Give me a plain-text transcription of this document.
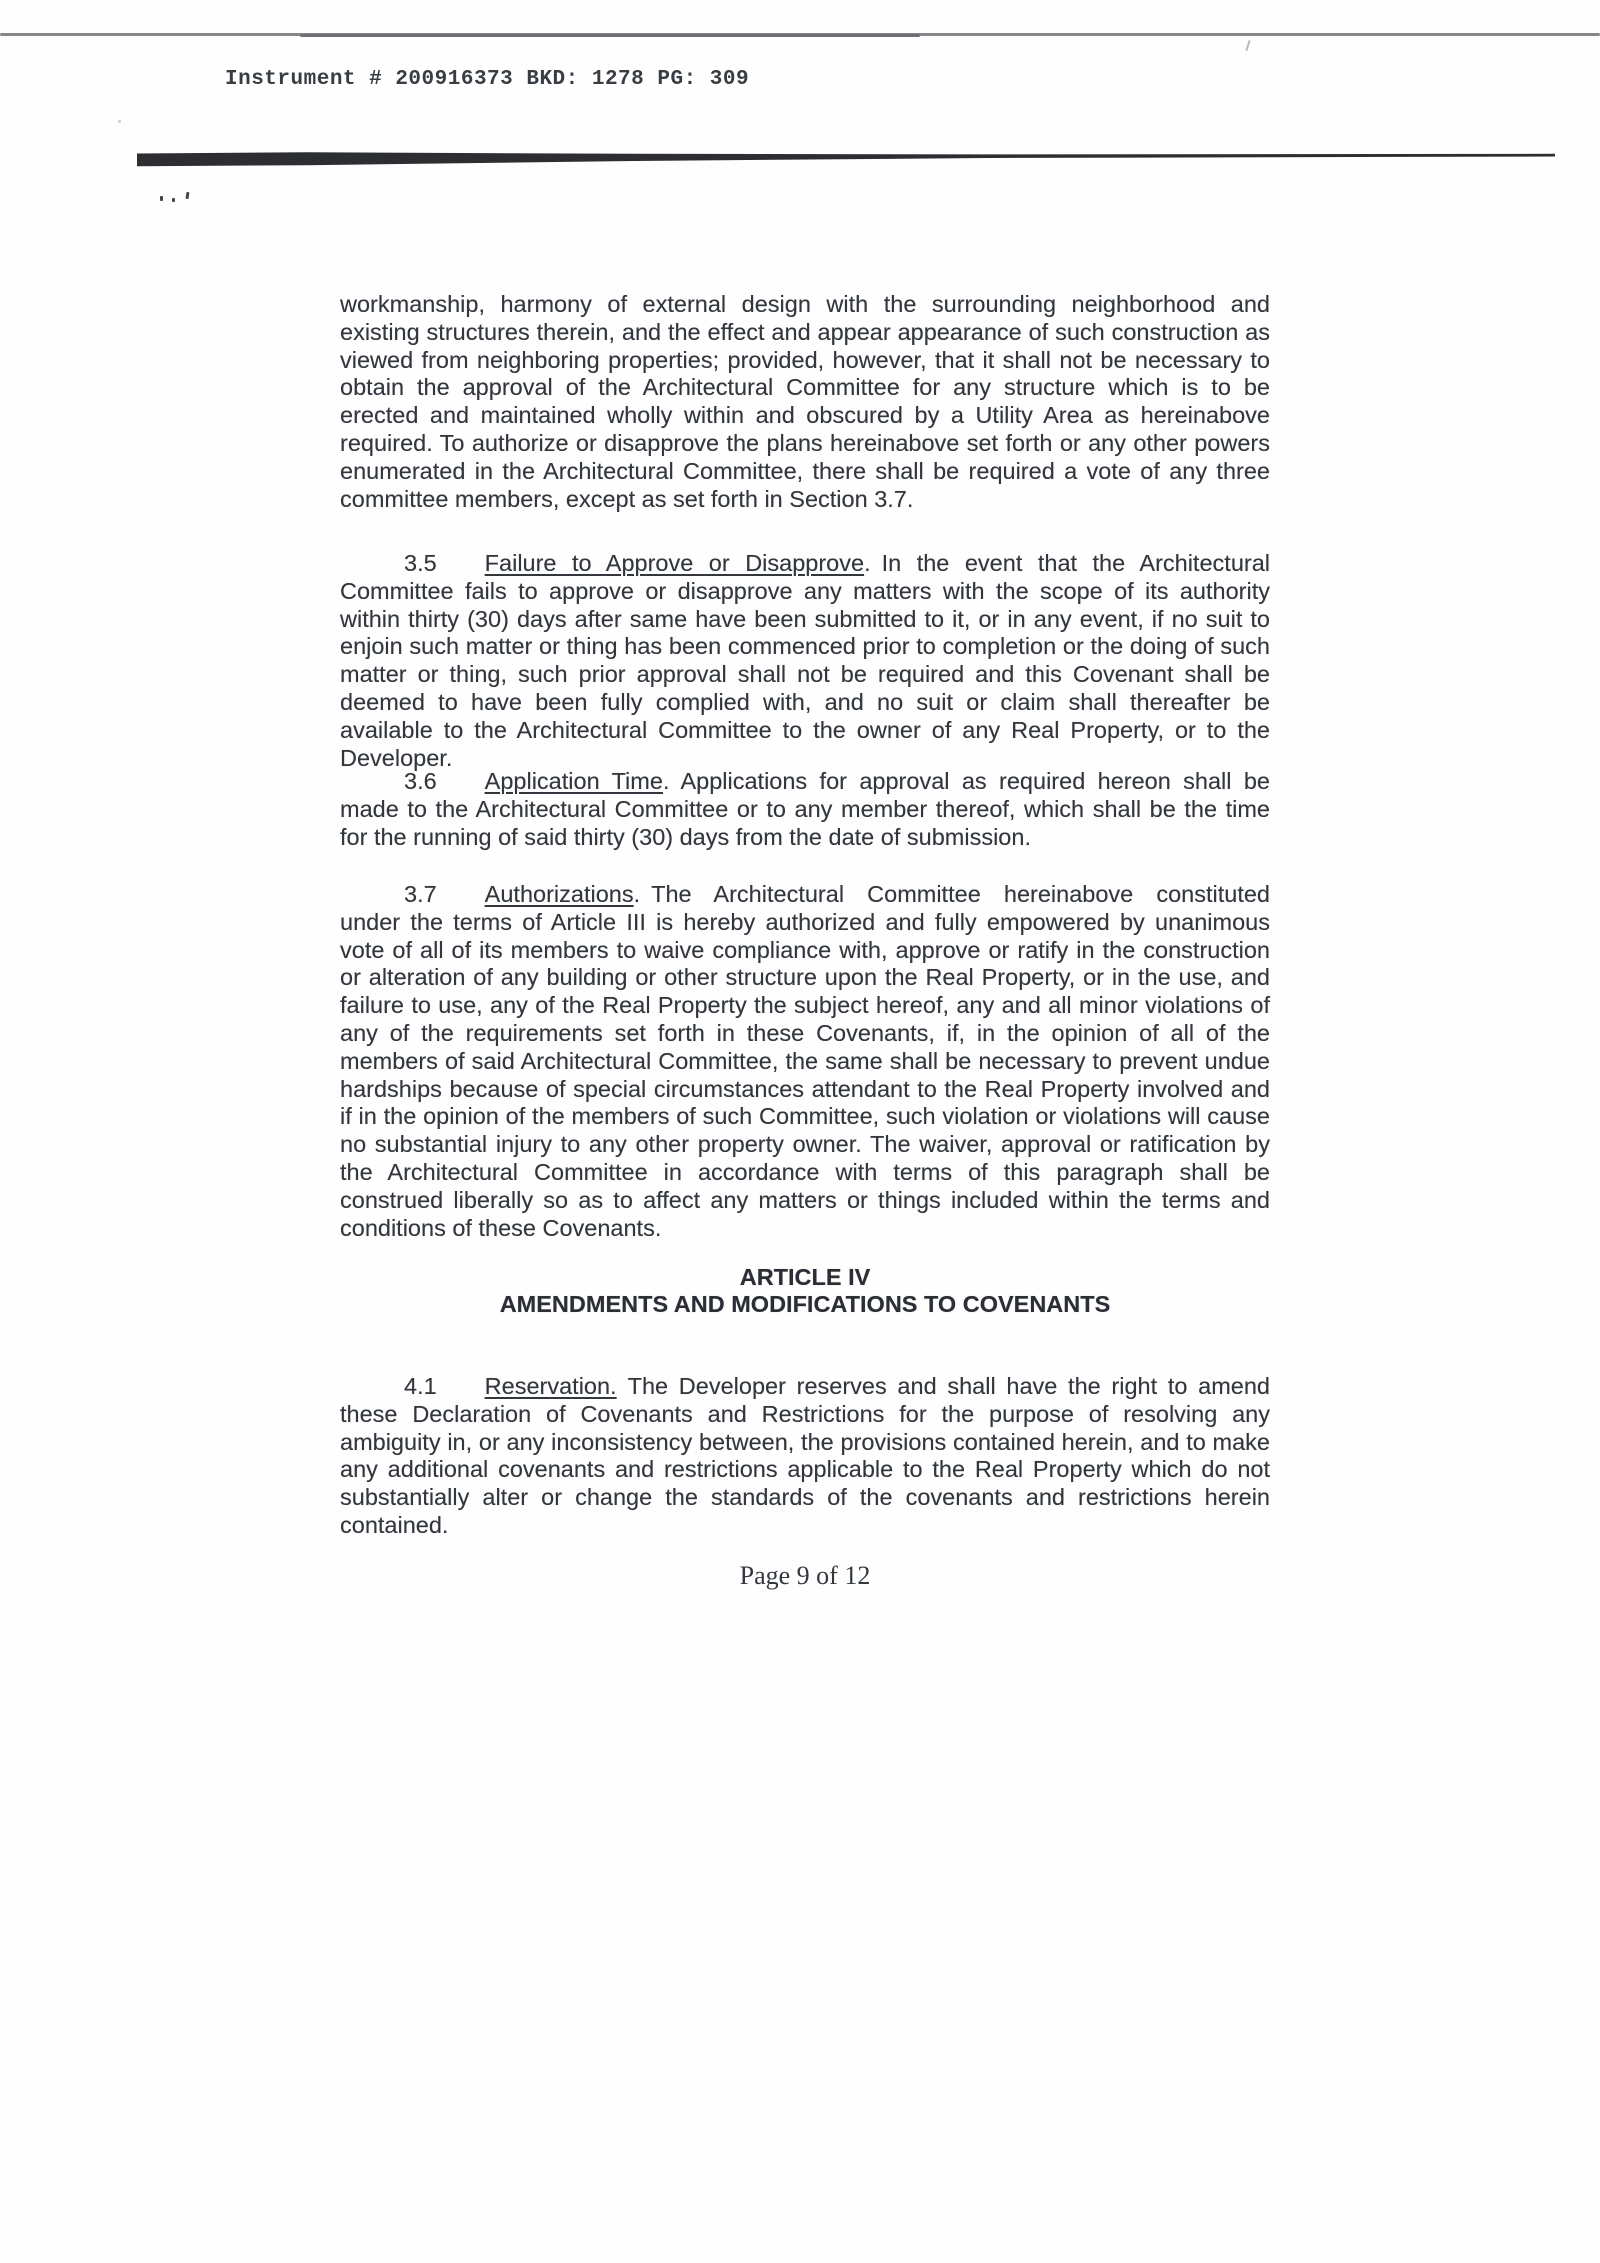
Instrument # 200916373 BKD: 1278 PG: 309

workmanship, harmony of external design with the surrounding neighborhood and existing structures therein, and the effect and appear appearance of such construction as viewed from neighboring properties; provided, however, that it shall not be necessary to obtain the approval of the Architectural Committee for any structure which is to be erected and maintained wholly within and obscured by a Utility Area as hereinabove required. To authorize or disapprove the plans hereinabove set forth or any other powers enumerated in the Architectural Committee, there shall be required a vote of any three committee members, except as set forth in Section 3.7.

3.5 Failure to Approve or Disapprove. In the event that the Architectural Committee fails to approve or disapprove any matters with the scope of its authority within thirty (30) days after same have been submitted to it, or in any event, if no suit to enjoin such matter or thing has been commenced prior to completion or the doing of such matter or thing, such prior approval shall not be required and this Covenant shall be deemed to have been fully complied with, and no suit or claim shall thereafter be available to the Architectural Committee to the owner of any Real Property, or to the Developer.

3.6 Application Time. Applications for approval as required hereon shall be made to the Architectural Committee or to any member thereof, which shall be the time for the running of said thirty (30) days from the date of submission.

3.7 Authorizations. The Architectural Committee hereinabove constituted under the terms of Article III is hereby authorized and fully empowered by unanimous vote of all of its members to waive compliance with, approve or ratify in the construction or alteration of any building or other structure upon the Real Property, or in the use, and failure to use, any of the Real Property the subject hereof, any and all minor violations of any of the requirements set forth in these Covenants, if, in the opinion of all of the members of said Architectural Committee, the same shall be necessary to prevent undue hardships because of special circumstances attendant to the Real Property involved and if in the opinion of the members of such Committee, such violation or violations will cause no substantial injury to any other property owner. The waiver, approval or ratification by the Architectural Committee in accordance with terms of this paragraph shall be construed liberally so as to affect any matters or things included within the terms and conditions of these Covenants.

ARTICLE IV
AMENDMENTS AND MODIFICATIONS TO COVENANTS

4.1 Reservation. The Developer reserves and shall have the right to amend these Declaration of Covenants and Restrictions for the purpose of resolving any ambiguity in, or any inconsistency between, the provisions contained herein, and to make any additional covenants and restrictions applicable to the Real Property which do not substantially alter or change the standards of the covenants and restrictions herein contained.

Page 9 of 12
